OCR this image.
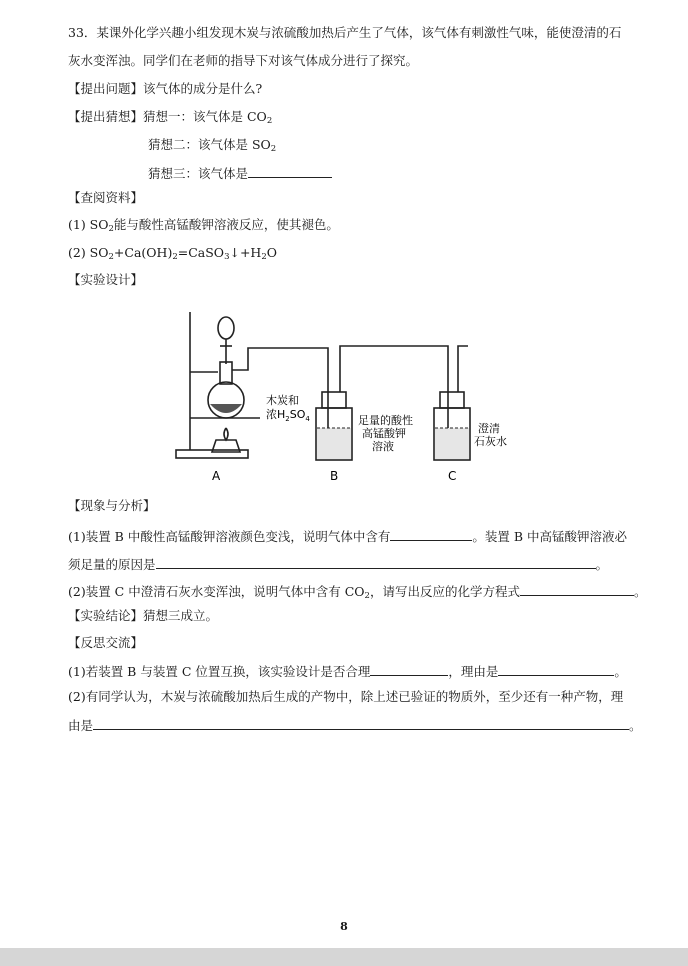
33．某课外化学兴趣小组发现木炭与浓硫酸加热后产生了气体，该气体有刺激性气味，能使澄清的石
灰水变浑浊。同学们在老师的指导下对该气体成分进行了探究。
【提出问题】该气体的成分是什么?
【提出猜想】猜想一：该气体是 $CO_2$
猜想二：该气体是 $SO_2$
猜想三：该气体是
【查阅资料】
(1) $SO_2$能与酸性高锰酸钾溶液反应，使其褪色。
(2) $SO_2+Ca(OH)_2=CaSO_3↓+H_2O$
【实验设计】
木炭和
浓$H_2SO_4$	足量的酸性
高锰酸钾
溶液
澄清
石灰水
A	B	C
【现象与分析】
(1)装置 B 中酸性高锰酸钾溶液颜色变浅，说明气体中含有	。装置 B 中高锰酸钾溶液必
须足量的原因是	。
(2)装置 C 中澄清石灰水变浑浊，说明气体中含有 $CO_2$，请写出反应的化学方程式	。
【实验结论】猜想三成立。
【反思交流】
(1)若装置 B 与装置 C 位置互换，该实验设计是否合理	，理由是	。
(2)有同学认为，木炭与浓硫酸加热后生成的产物中，除上述已验证的物质外，至少还有一种产物，理
由是	。
8
